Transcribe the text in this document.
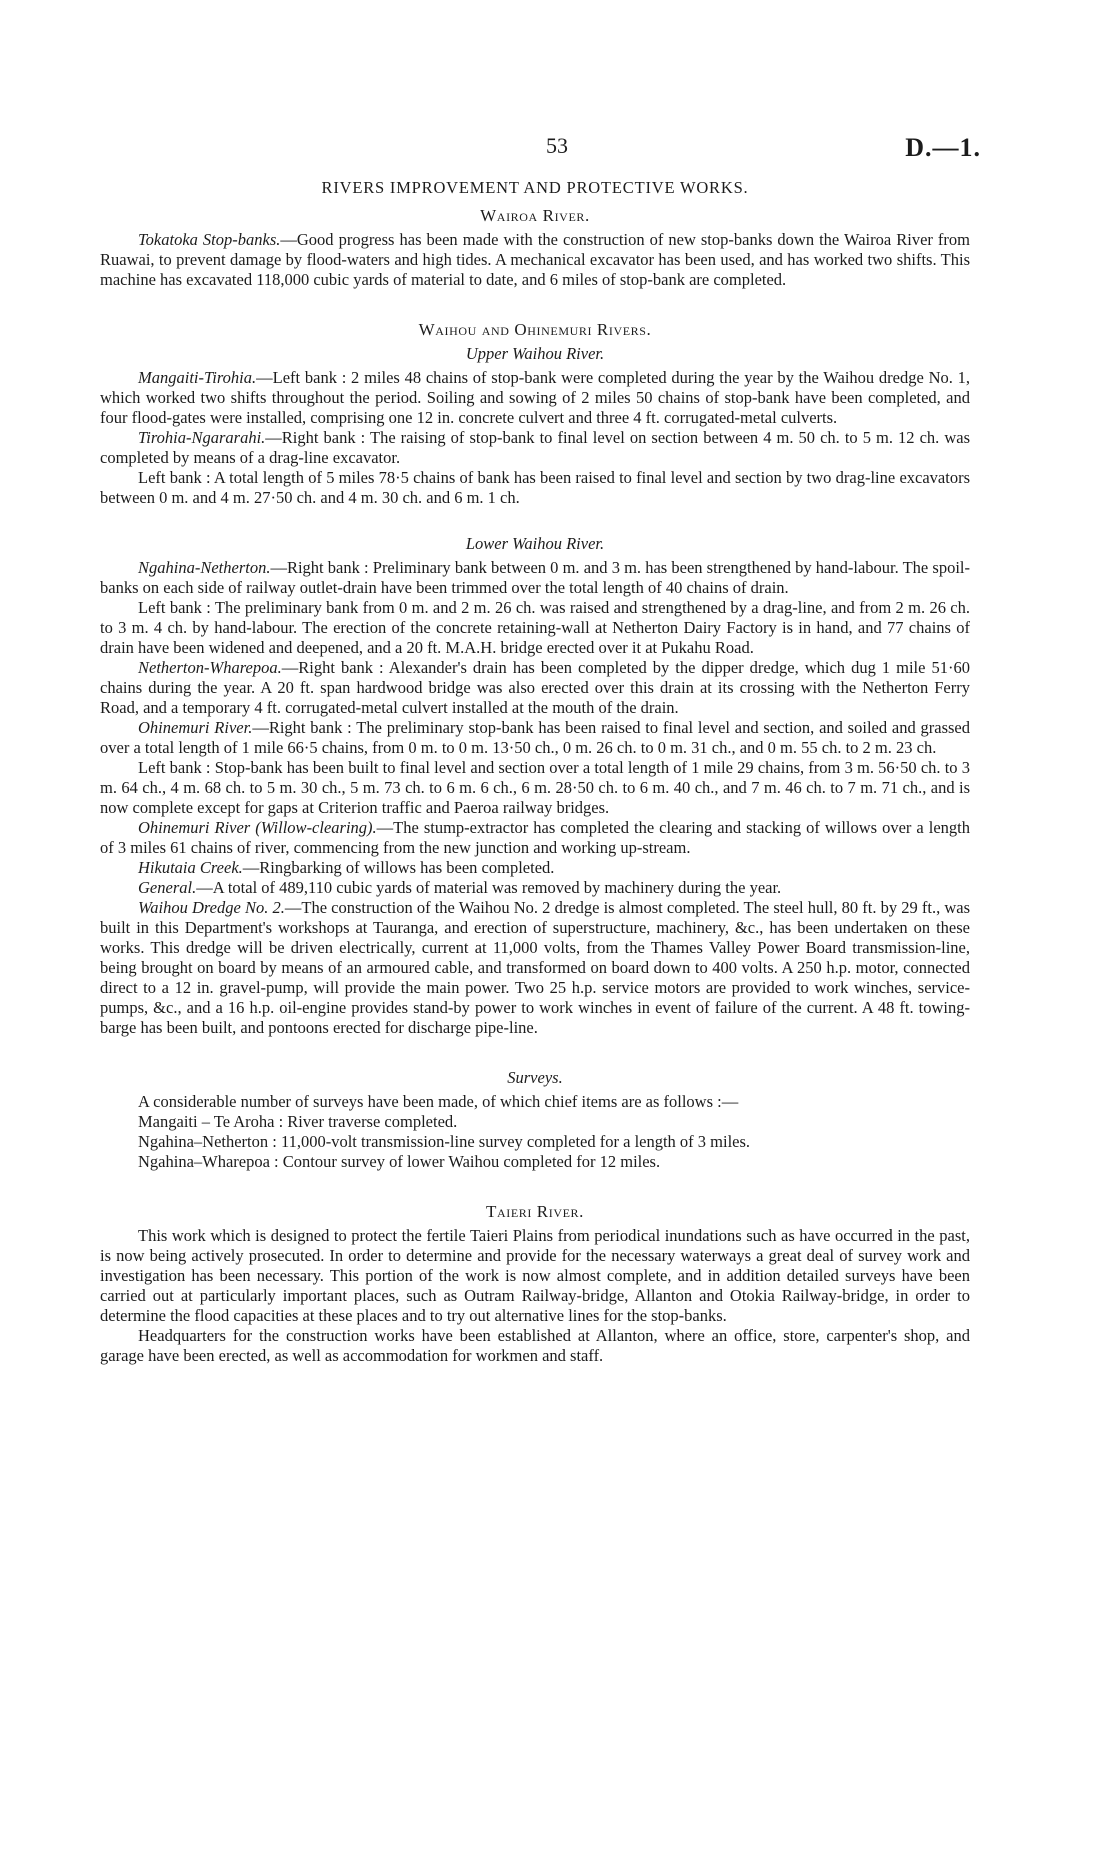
53	D.—1.
RIVERS IMPROVEMENT AND PROTECTIVE WORKS.
Wairoa River.

Tokatoka Stop-banks.—Good progress has been made with the construction of new stop-banks down the Wairoa River from Ruawai, to prevent damage by flood-waters and high tides. A mechanical excavator has been used, and has worked two shifts. This machine has excavated 118,000 cubic yards of material to date, and 6 miles of stop-bank are completed.

Waihou and Ohinemuri Rivers.
Upper Waihou River.

Mangaiti-Tirohia.—Left bank : 2 miles 48 chains of stop-bank were completed during the year by the Waihou dredge No. 1, which worked two shifts throughout the period. Soiling and sowing of 2 miles 50 chains of stop-bank have been completed, and four flood-gates were installed, comprising one 12 in. concrete culvert and three 4 ft. corrugated-metal culverts.

Tirohia-Ngararahi.—Right bank : The raising of stop-bank to final level on section between 4 m. 50 ch. to 5 m. 12 ch. was completed by means of a drag-line excavator.

Left bank : A total length of 5 miles 78·5 chains of bank has been raised to final level and section by two drag-line excavators between 0 m. and 4 m. 27·50 ch. and 4 m. 30 ch. and 6 m. 1 ch.

Lower Waihou River.

Ngahina-Netherton.—Right bank : Preliminary bank between 0 m. and 3 m. has been strengthened by hand-labour. The spoil-banks on each side of railway outlet-drain have been trimmed over the total length of 40 chains of drain.

Left bank : The preliminary bank from 0 m. and 2 m. 26 ch. was raised and strengthened by a drag-line, and from 2 m. 26 ch. to 3 m. 4 ch. by hand-labour. The erection of the concrete retaining-wall at Netherton Dairy Factory is in hand, and 77 chains of drain have been widened and deepened, and a 20 ft. M.A.H. bridge erected over it at Pukahu Road.

Netherton-Wharepoa.—Right bank : Alexander's drain has been completed by the dipper dredge, which dug 1 mile 51·60 chains during the year. A 20 ft. span hardwood bridge was also erected over this drain at its crossing with the Netherton Ferry Road, and a temporary 4 ft. corrugated-metal culvert installed at the mouth of the drain.

Ohinemuri River.—Right bank : The preliminary stop-bank has been raised to final level and section, and soiled and grassed over a total length of 1 mile 66·5 chains, from 0 m. to 0 m. 13·50 ch., 0 m. 26 ch. to 0 m. 31 ch., and 0 m. 55 ch. to 2 m. 23 ch.

Left bank : Stop-bank has been built to final level and section over a total length of 1 mile 29 chains, from 3 m. 56·50 ch. to 3 m. 64 ch., 4 m. 68 ch. to 5 m. 30 ch., 5 m. 73 ch. to 6 m. 6 ch., 6 m. 28·50 ch. to 6 m. 40 ch., and 7 m. 46 ch. to 7 m. 71 ch., and is now complete except for gaps at Criterion traffic and Paeroa railway bridges.

Ohinemuri River (Willow-clearing).—The stump-extractor has completed the clearing and stacking of willows over a length of 3 miles 61 chains of river, commencing from the new junction and working up-stream.

Hikutaia Creek.—Ringbarking of willows has been completed.

General.—A total of 489,110 cubic yards of material was removed by machinery during the year.

Waihou Dredge No. 2.—The construction of the Waihou No. 2 dredge is almost completed. The steel hull, 80 ft. by 29 ft., was built in this Department's workshops at Tauranga, and erection of superstructure, machinery, &c., has been undertaken on these works. This dredge will be driven electrically, current at 11,000 volts, from the Thames Valley Power Board transmission-line, being brought on board by means of an armoured cable, and transformed on board down to 400 volts. A 250 h.p. motor, connected direct to a 12 in. gravel-pump, will provide the main power. Two 25 h.p. service motors are provided to work winches, service-pumps, &c., and a 16 h.p. oil-engine provides stand-by power to work winches in event of failure of the current. A 48 ft. towing-barge has been built, and pontoons erected for discharge pipe-line.

Surveys.

A considerable number of surveys have been made, of which chief items are as follows :—

Mangaiti – Te Aroha : River traverse completed.
Ngahina–Netherton : 11,000-volt transmission-line survey completed for a length of 3 miles.
Ngahina–Wharepoa : Contour survey of lower Waihou completed for 12 miles.
Taieri River.

This work which is designed to protect the fertile Taieri Plains from periodical inundations such as have occurred in the past, is now being actively prosecuted. In order to determine and provide for the necessary waterways a great deal of survey work and investigation has been necessary. This portion of the work is now almost complete, and in addition detailed surveys have been carried out at particularly important places, such as Outram Railway-bridge, Allanton and Otokia Railway-bridge, in order to determine the flood capacities at these places and to try out alternative lines for the stop-banks.

Headquarters for the construction works have been established at Allanton, where an office, store, carpenter's shop, and garage have been erected, as well as accommodation for workmen and staff.
